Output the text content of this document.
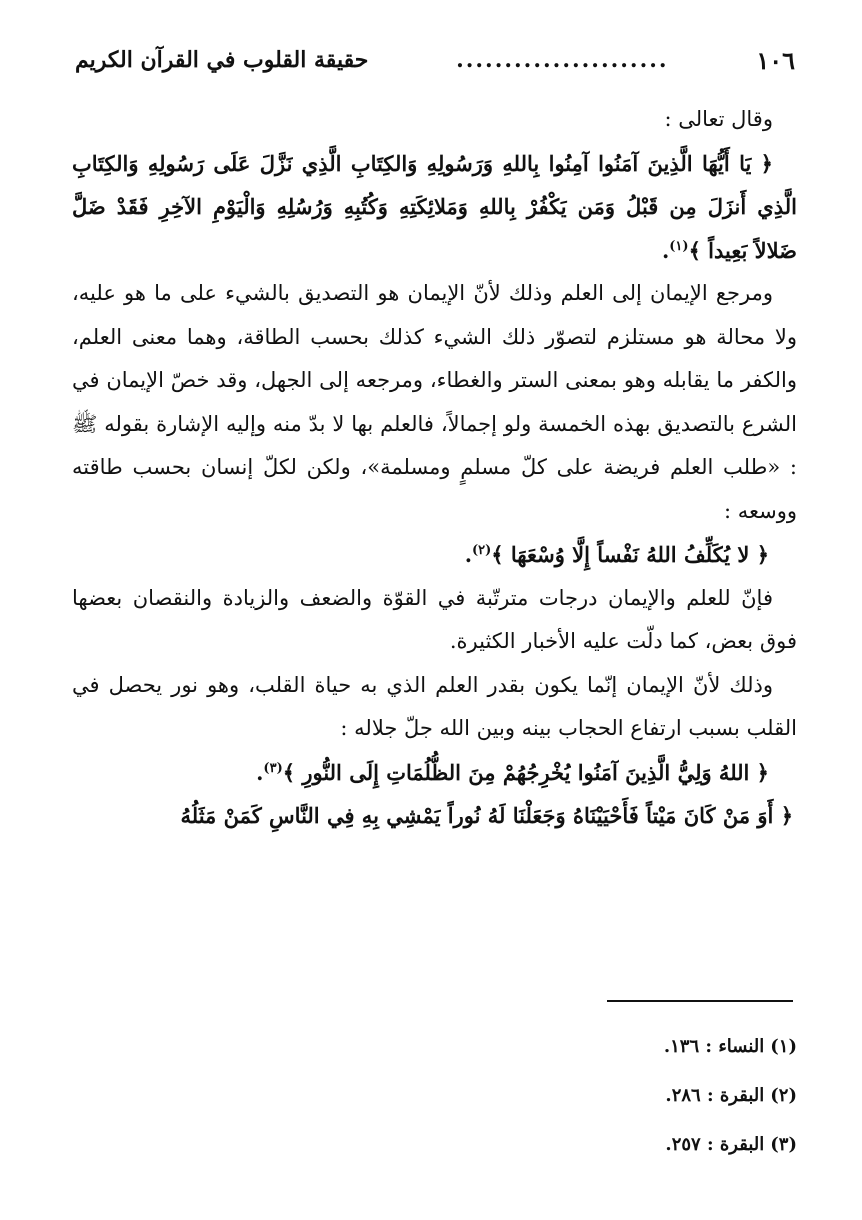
١٠٦
......................
حقيقة القلوب في القرآن الكريم

وقال تعالى :

﴿ يَا أَيُّهَا الَّذِينَ آمَنُوا آمِنُوا بِاللهِ وَرَسُولِهِ وَالكِتَابِ الَّذِي نَزَّلَ عَلَى رَسُولِهِ وَالكِتَابِ الَّذِي أَنزَلَ مِن قَبْلُ وَمَن يَكْفُرْ بِاللهِ وَمَلائِكَتِهِ وَكُتُبِهِ وَرُسُلِهِ وَالْيَوْمِ الآخِرِ فَقَدْ ضَلَّ ضَلالاً بَعِيداً ﴾$^{(١)}$.

ومرجع الإيمان إلى العلم وذلك لأنّ الإيمان هو التصديق بالشيء على ما هو عليه، ولا محالة هو مستلزم لتصوّر ذلك الشيء كذلك بحسب الطاقة، وهما معنى العلم، والكفر ما يقابله وهو بمعنى الستر والغطاء، ومرجعه إلى الجهل، وقد خصّ الإيمان في الشرع بالتصديق بهذه الخمسة ولو إجمالاً، فالعلم بها لا بدّ منه وإليه الإشارة بقوله ﷺ : «طلب العلم فريضة على كلّ مسلمٍ ومسلمة»، ولكن لكلّ إنسان بحسب طاقته ووسعه :

﴿ لا يُكَلِّفُ اللهُ نَفْساً إِلَّا وُسْعَهَا ﴾$^{(٢)}$.

فإنّ للعلم والإيمان درجات مترتّبة في القوّة والضعف والزيادة والنقصان بعضها فوق بعض، كما دلّت عليه الأخبار الكثيرة.

وذلك لأنّ الإيمان إنّما يكون بقدر العلم الذي به حياة القلب، وهو نور يحصل في القلب بسبب ارتفاع الحجاب بينه وبين الله جلّ جلاله :

﴿ اللهُ وَلِيُّ الَّذِينَ آمَنُوا يُخْرِجُهُمْ مِنَ الظُّلُمَاتِ إِلَى النُّورِ ﴾$^{(٣)}$.

﴿ أَوَ مَنْ كَانَ مَيْتاً فَأَحْيَيْنَاهُ وَجَعَلْنَا لَهُ نُوراً يَمْشِي بِهِ فِي النَّاسِ كَمَنْ مَثَلُهُ

(١)النساء : ١٣٦.
(٢)البقرة : ٢٨٦.
(٣)البقرة : ٢٥٧.
